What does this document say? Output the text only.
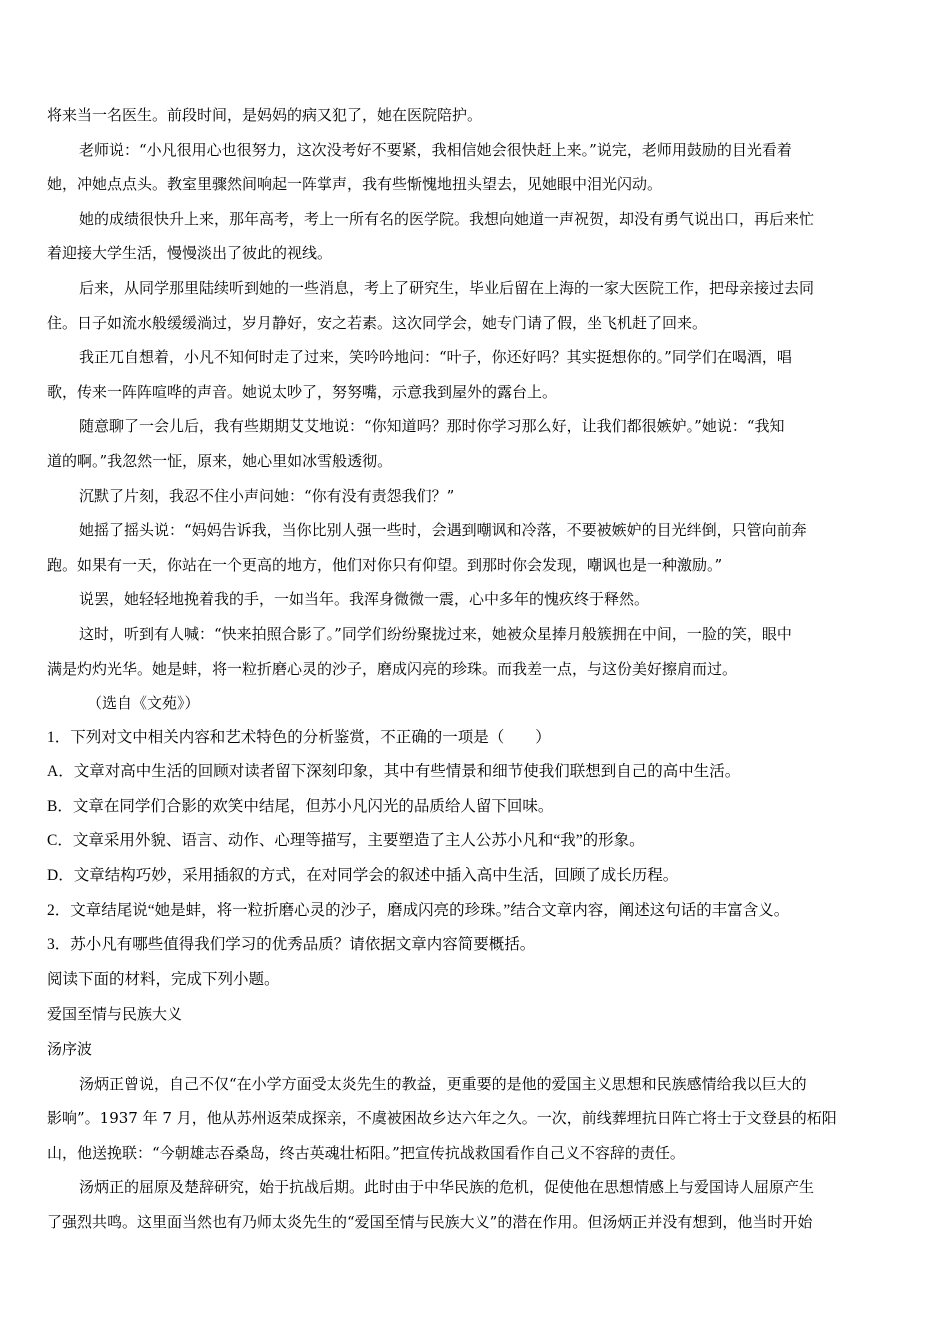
将来当一名医生。前段时间，是妈妈的病又犯了，她在医院陪护。
老师说：“小凡很用心也很努力，这次没考好不要紧，我相信她会很快赶上来。”说完，老师用鼓励的目光看着
她，冲她点点头。教室里骤然间响起一阵掌声，我有些惭愧地扭头望去，见她眼中泪光闪动。
她的成绩很快升上来，那年高考，考上一所有名的医学院。我想向她道一声祝贺，却没有勇气说出口，再后来忙
着迎接大学生活，慢慢淡出了彼此的视线。
后来，从同学那里陆续听到她的一些消息，考上了研究生，毕业后留在上海的一家大医院工作，把母亲接过去同
住。日子如流水般缓缓淌过，岁月静好，安之若素。这次同学会，她专门请了假，坐飞机赶了回来。
我正兀自想着，小凡不知何时走了过来，笑吟吟地问：“叶子，你还好吗？其实挺想你的。”同学们在喝酒，唱
歌，传来一阵阵喧哗的声音。她说太吵了，努努嘴，示意我到屋外的露台上。
随意聊了一会儿后，我有些期期艾艾地说：“你知道吗？那时你学习那么好，让我们都很嫉妒。”她说：“我知
道的啊。”我忽然一怔，原来，她心里如冰雪般透彻。
沉默了片刻，我忍不住小声问她：“你有没有责怨我们？”
她摇了摇头说：“妈妈告诉我，当你比别人强一些时，会遇到嘲讽和冷落，不要被嫉妒的目光绊倒，只管向前奔
跑。如果有一天，你站在一个更高的地方，他们对你只有仰望。到那时你会发现，嘲讽也是一种激励。”
说罢，她轻轻地挽着我的手，一如当年。我浑身微微一震，心中多年的愧疚终于释然。
这时，听到有人喊：“快来拍照合影了。”同学们纷纷聚拢过来，她被众星捧月般簇拥在中间，一脸的笑，眼中
满是灼灼光华。她是蚌，将一粒折磨心灵的沙子，磨成闪亮的珍珠。而我差一点，与这份美好擦肩而过。
（选自《文苑》）
1．下列对文中相关内容和艺术特色的分析鉴赏，不正确的一项是（　　）
A．文章对高中生活的回顾对读者留下深刻印象，其中有些情景和细节使我们联想到自己的高中生活。
B．文章在同学们合影的欢笑中结尾，但苏小凡闪光的品质给人留下回味。
C．文章采用外貌、语言、动作、心理等描写，主要塑造了主人公苏小凡和“我”的形象。
D．文章结构巧妙，采用插叙的方式，在对同学会的叙述中插入高中生活，回顾了成长历程。
2．文章结尾说“她是蚌，将一粒折磨心灵的沙子，磨成闪亮的珍珠。”结合文章内容，阐述这句话的丰富含义。
3．苏小凡有哪些值得我们学习的优秀品质？请依据文章内容简要概括。
阅读下面的材料，完成下列小题。
爱国至情与民族大义
汤序波
汤炳正曾说，自己不仅“在小学方面受太炎先生的教益，更重要的是他的爱国主义思想和民族感情给我以巨大的
影响”。1937 年 7 月，他从苏州返荣成探亲，不虞被困故乡达六年之久。一次，前线葬埋抗日阵亡将士于文登县的柘阳
山，他送挽联：“今朝雄志吞桑岛，终古英魂壮柘阳。”把宣传抗战救国看作自己义不容辞的责任。
汤炳正的屈原及楚辞研究，始于抗战后期。此时由于中华民族的危机，促使他在思想情感上与爱国诗人屈原产生
了强烈共鸣。这里面当然也有乃师太炎先生的“爱国至情与民族大义”的潜在作用。但汤炳正并没有想到，他当时开始
